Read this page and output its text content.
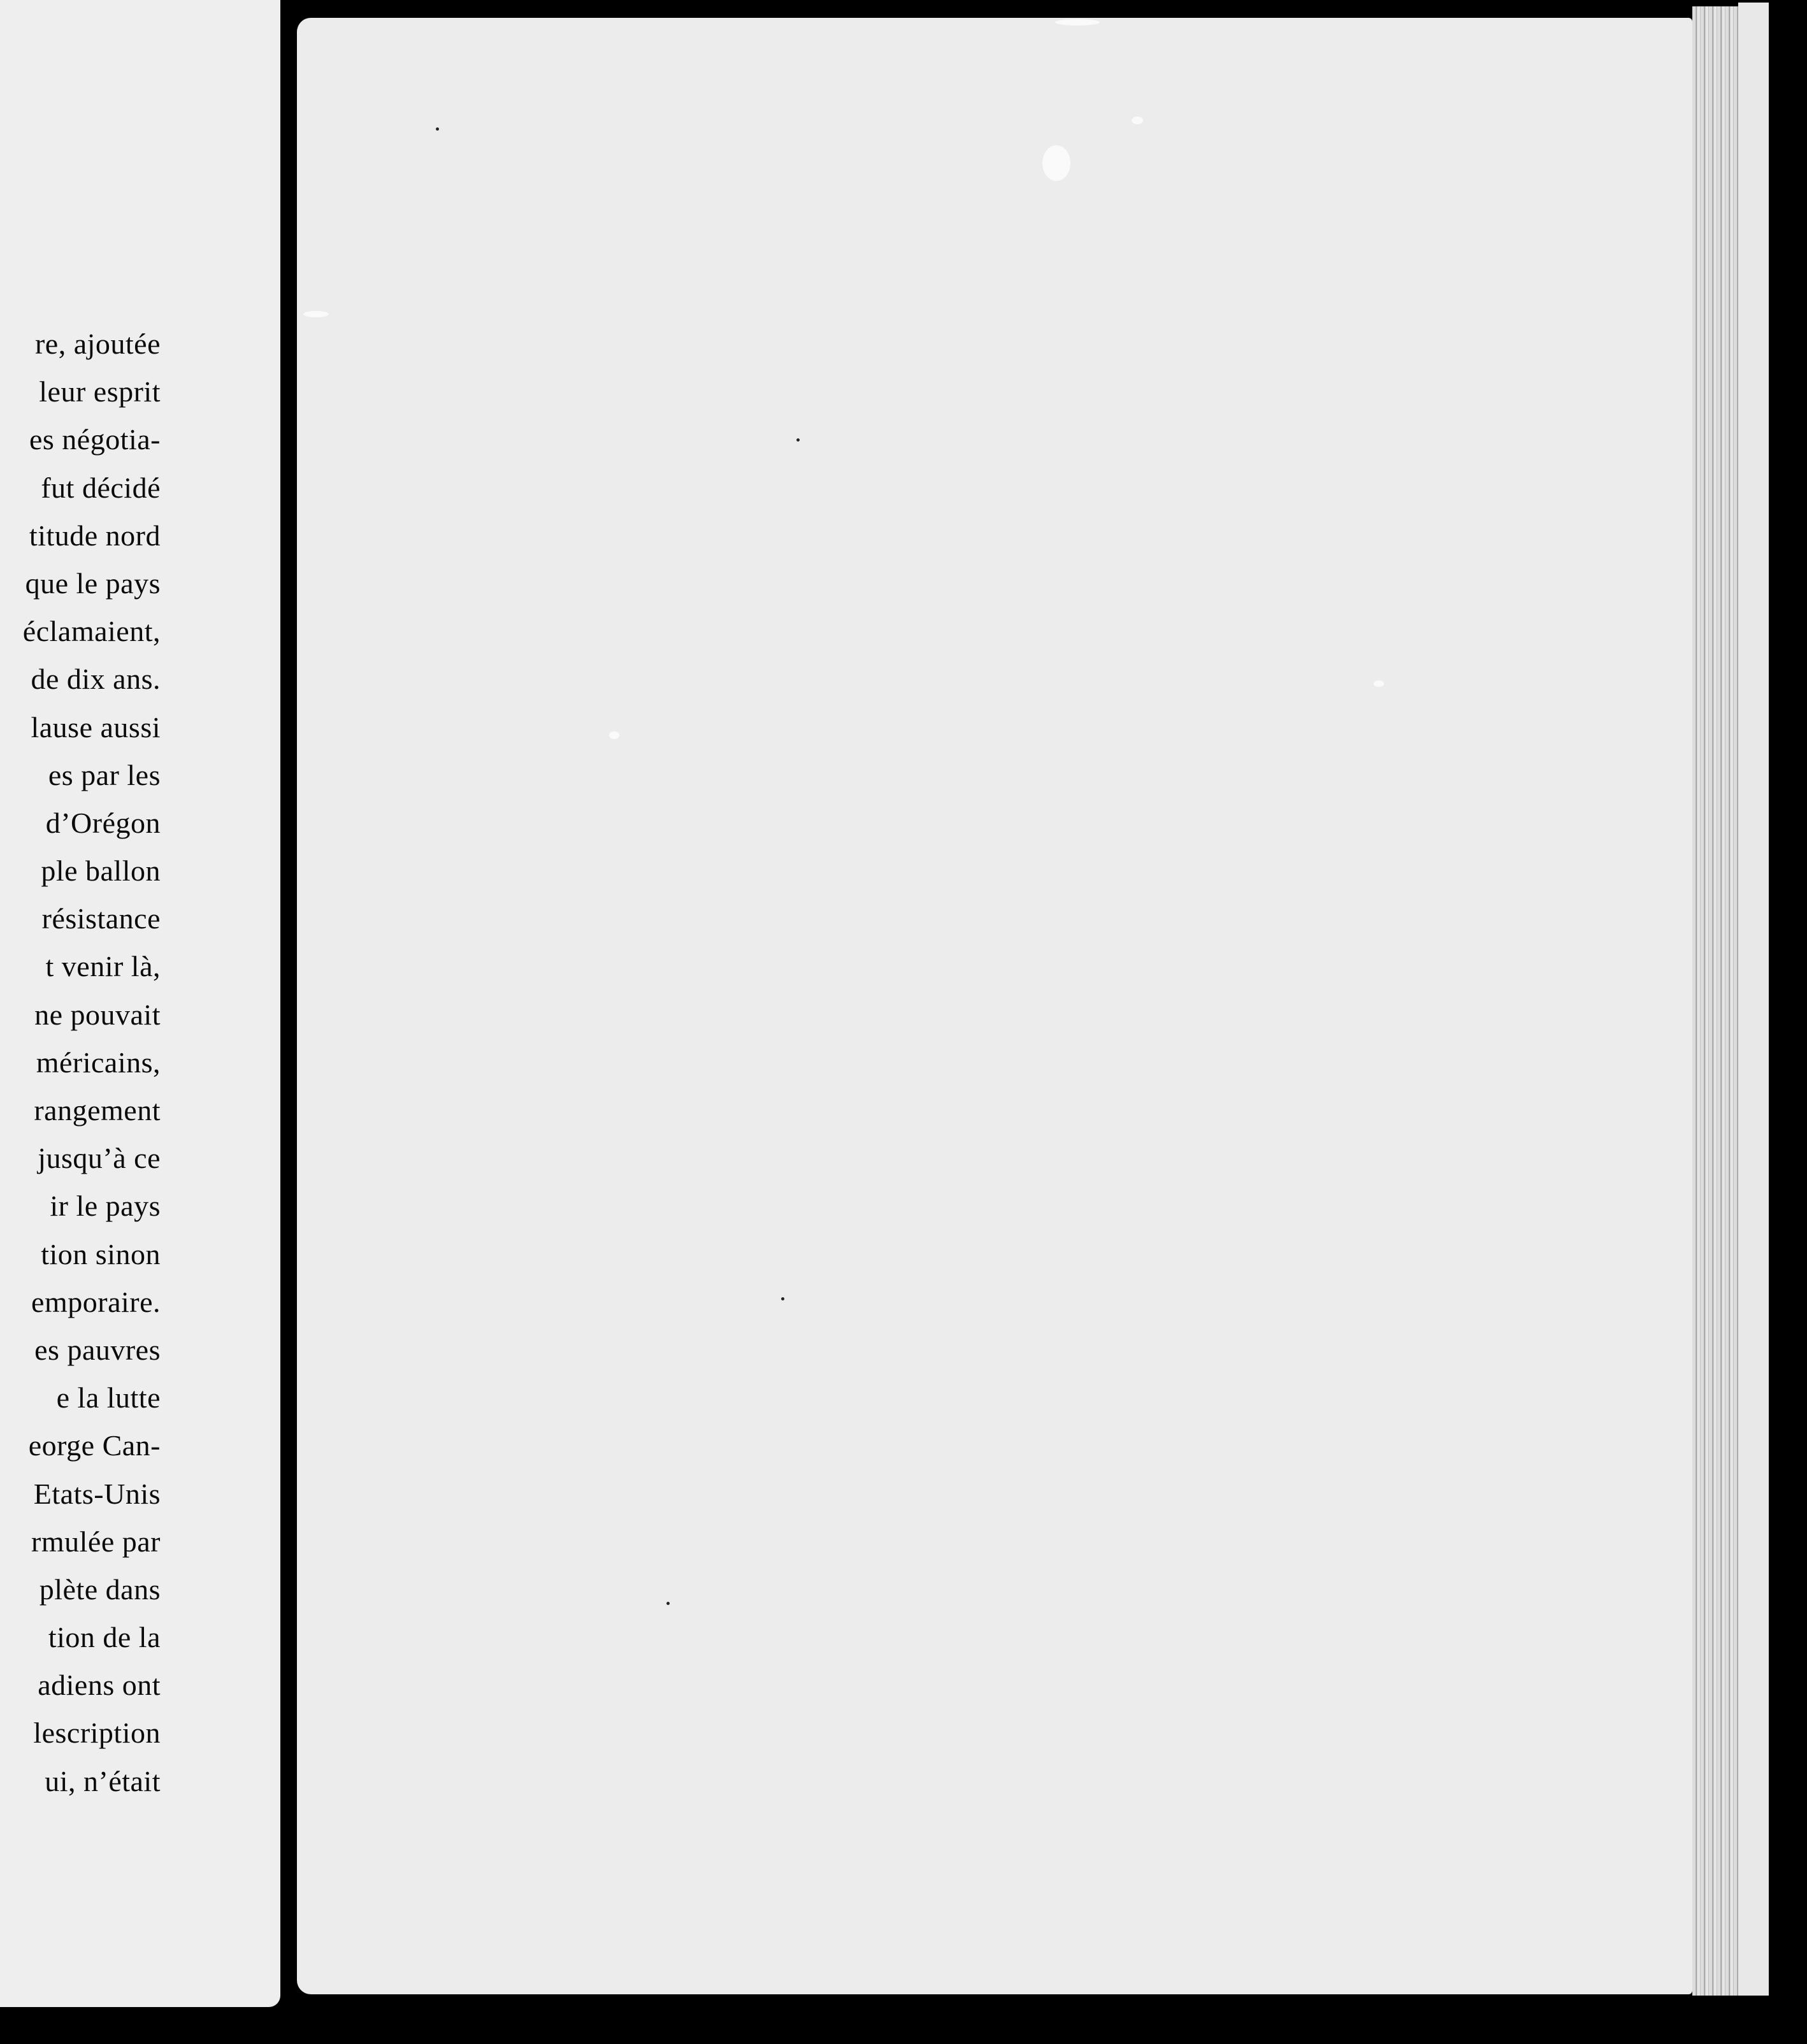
re, ajoutée
leur esprit
es négotia-
fut décidé
titude nord
que le pays
éclamaient,
de dix ans.
lause aussi
es par les
d’Orégon
ple ballon
résistance
t venir là,
ne pouvait
méricains,
rangement
jusqu’à ce
ir le pays
tion sinon
emporaire.
es pauvres
e la lutte
eorge Can-
Etats-Unis
rmulée par
plète dans
tion de la
adiens ont
lescription
ui, n’était
